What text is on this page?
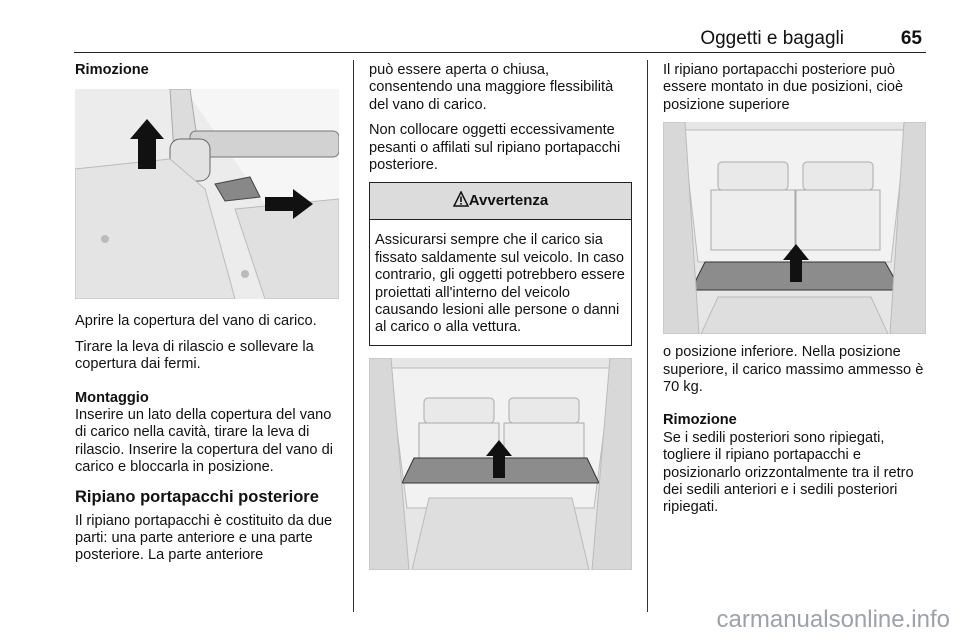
Oggetti e bagagli	65

Rimozione

Aprire la copertura del vano di carico.

Tirare la leva di rilascio e sollevare la copertura dai fermi.

Montaggio

Inserire un lato della copertura del vano di carico nella cavità, tirare la leva di rilascio. Inserire la copertura del vano di carico e bloccarla in posizione.

Ripiano portapacchi posteriore

Il ripiano portapacchi è costituito da due parti: una parte anteriore e una parte posteriore. La parte anteriore

può essere aperta o chiusa, consentendo una maggiore flessibilità del vano di carico.

Non collocare oggetti eccessivamente pesanti o affilati sul ripiano portapacchi posteriore.

Avvertenza
Assicurarsi sempre che il carico sia fissato saldamente sul veicolo. In caso contrario, gli oggetti potrebbero essere proiettati all'interno del veicolo causando lesioni alle persone o danni al carico o alla vettura.

Il ripiano portapacchi posteriore può essere montato in due posizioni, cioè posizione superiore

o posizione inferiore. Nella posizione superiore, il carico massimo ammesso è 70 kg.

Rimozione

Se i sedili posteriori sono ripiegati, togliere il ripiano portapacchi e posizionarlo orizzontalmente tra il retro dei sedili anteriori e i sedili posteriori ripiegati.

carmanualsonline.info
